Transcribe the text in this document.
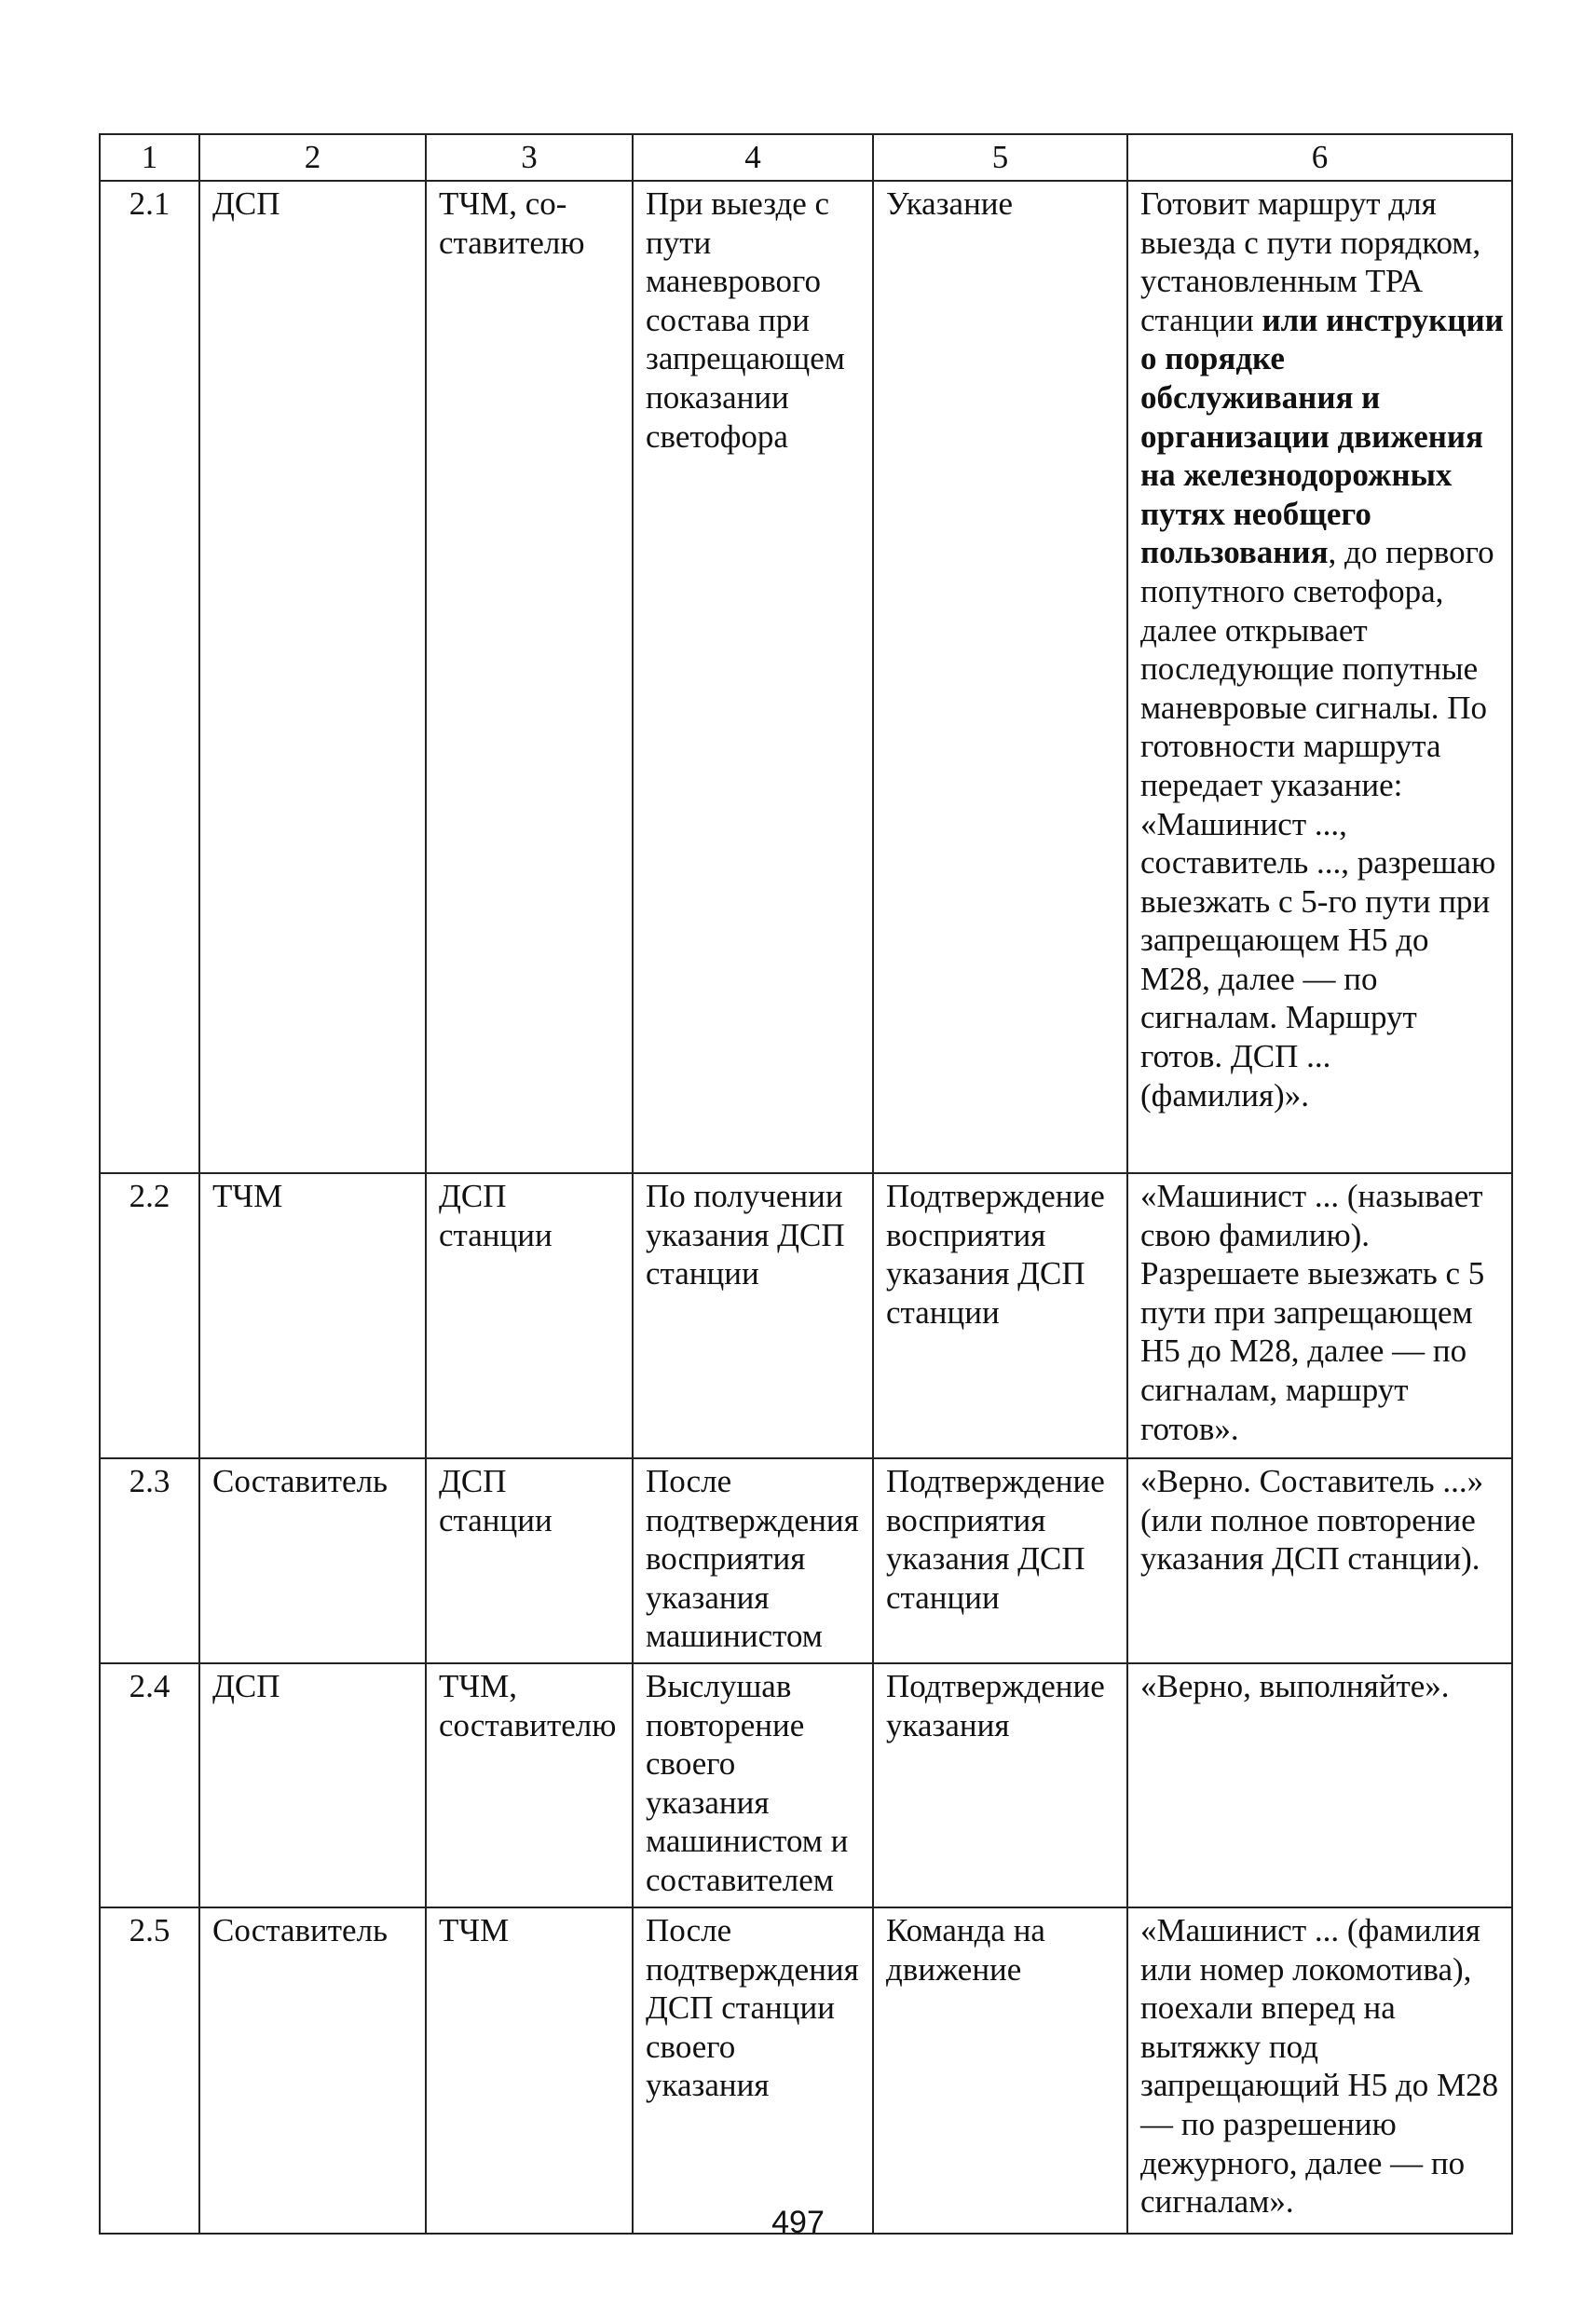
1	2	3	4	5	6
2.1	ДСП	ТЧМ, со-ставителю	При выезде с пути маневрового состава при запрещающем показании светофора	Указание	Готовит маршрут для выезда с пути порядком, установленным ТРА станции или инструкции о порядке обслуживания и организации движения на железнодорожных путях необщего пользования, до первого попутного светофора, далее открывает последующие попутные маневровые сигналы. По готовности маршрута передает указание: «Машинист ..., составитель ..., разрешаю выезжать с 5-го пути при запрещающем Н5 до М28, далее — по сигналам. Маршрут готов. ДСП ... (фамилия)».
2.2	ТЧМ	ДСП станции	По получении указания ДСП станции	Подтверждение восприятия указания ДСП станции	«Машинист ... (называет свою фамилию). Разрешаете выезжать с 5 пути при запрещающем Н5 до М28, далее — по сигналам, маршрут готов».
2.3	Составитель	ДСП станции	После подтверждения восприятия указания машинистом	Подтверждение восприятия указания ДСП станции	«Верно. Составитель ...» (или полное повторение указания ДСП станции).
2.4	ДСП	ТЧМ, составителю	Выслушав повторение своего указания машинистом и составителем	Подтверждение указания	«Верно, выполняйте».
2.5	Составитель	ТЧМ	После подтверждения ДСП станции своего указания	Команда на движение	«Машинист ... (фамилия или номер локомотива), поехали вперед на вытяжку под запрещающий Н5 до М28 — по разрешению дежурного, далее — по сигналам».
497
